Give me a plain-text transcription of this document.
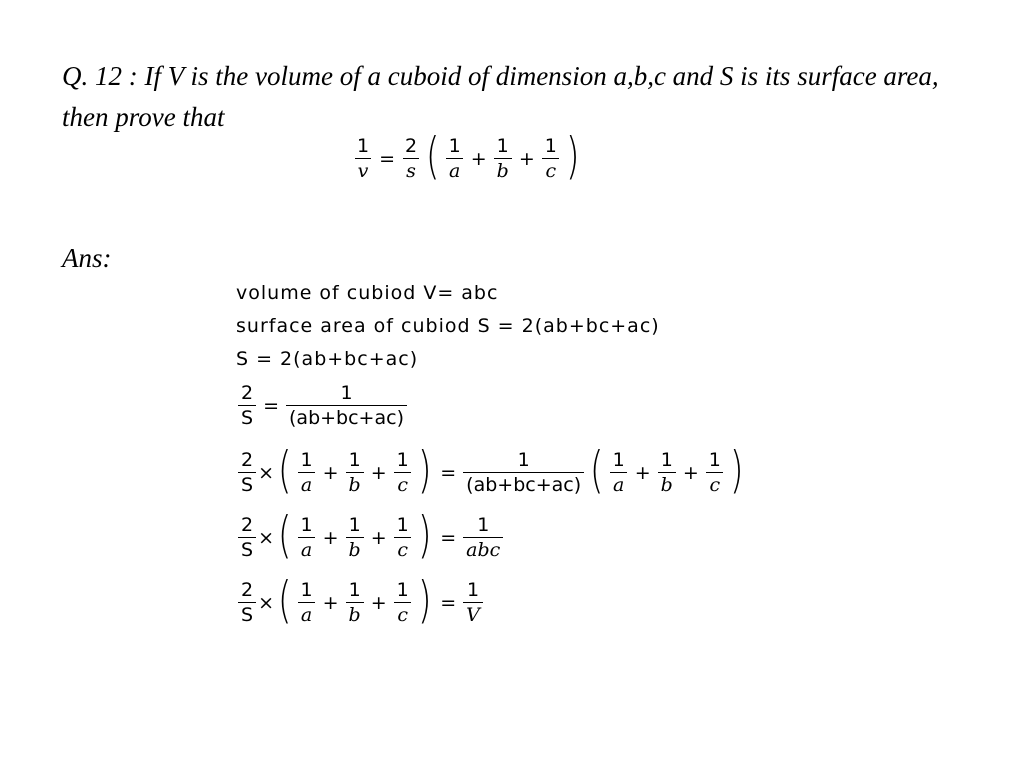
Q. 12 : If V is the volume of a cuboid of dimension a,b,c and S is its surface area, then prove that
$\frac{1}{v} = \frac{2}{s}$ ( $\frac{1}{a} + \frac{1}{b} + \frac{1}{c}$ )
Ans:
volume of cubiod V= abc
surface area of cubiod S = 2(ab+bc+ac)
S = 2(ab+bc+ac)
$\frac{2}{S} = \frac{1}{(ab+bc+ac)}$
$\frac{2}{S}$ × ( $\frac{1}{a} + \frac{1}{b} + \frac{1}{c}$ ) = $\frac{1}{(ab+bc+ac)}$ ( $\frac{1}{a} + \frac{1}{b} + \frac{1}{c}$ )
$\frac{2}{S}$ × ( $\frac{1}{a} + \frac{1}{b} + \frac{1}{c}$ ) = $\frac{1}{\text{abc}}$
$\frac{2}{S}$ × ( $\frac{1}{a} + \frac{1}{b} + \frac{1}{c}$ ) = $\frac{1}{V}$
